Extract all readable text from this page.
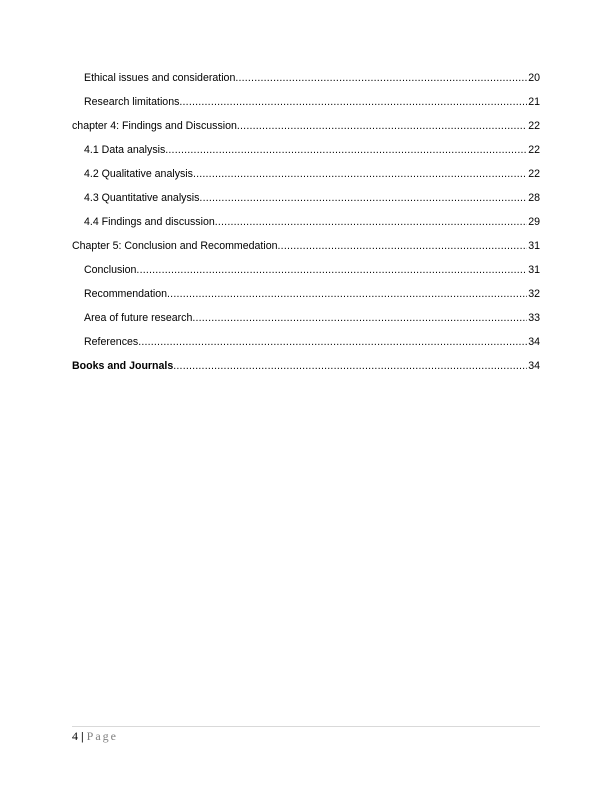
Ethical issues and consideration .....	20
Research limitations .....	21
chapter 4: Findings and Discussion .....	22
4.1 Data analysis .....	22
4.2 Qualitative analysis .....	22
4.3 Quantitative analysis .....	28
4.4 Findings and discussion .....	29
Chapter 5: Conclusion and Recommedation .....	31
Conclusion .....	31
Recommendation .....	32
Area of future research .....	33
References .....	34
Books and Journals .....	34
4 | Page
